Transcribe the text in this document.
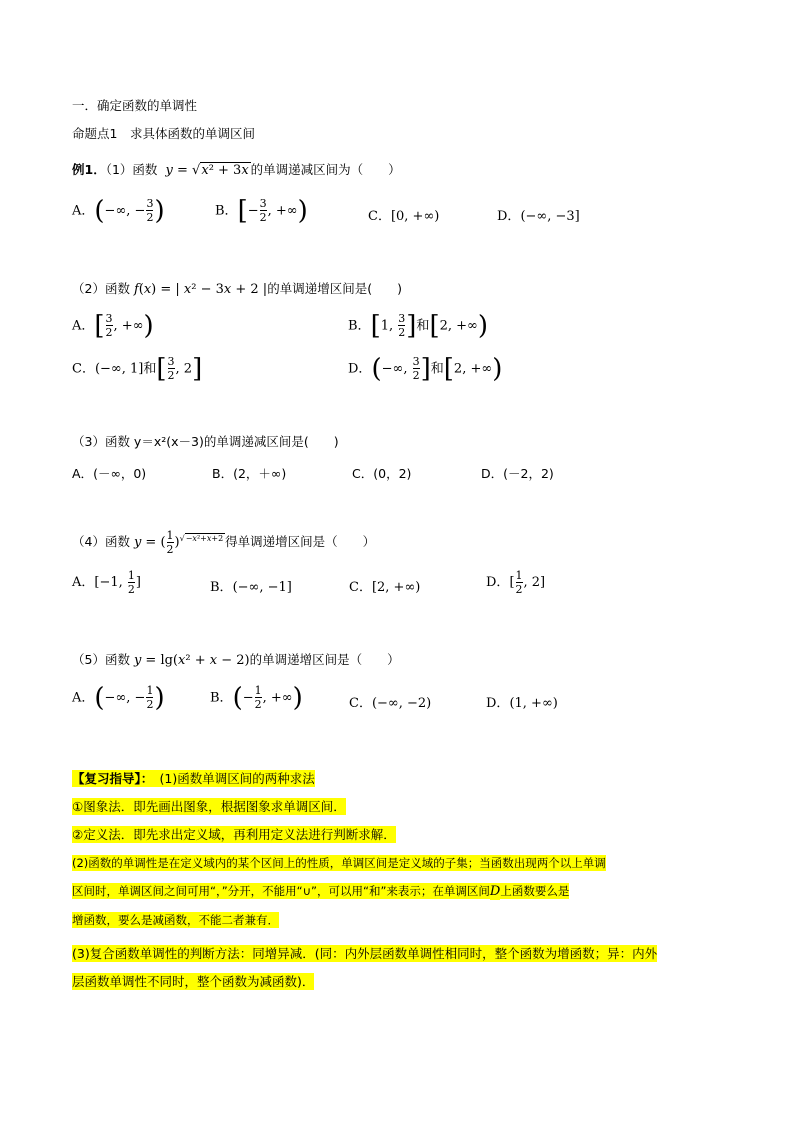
一．确定函数的单调性
命题点1　求具体函数的单调区间
例1．（1）函数 y = √x² + 3x 的单调递减区间为（　　）
A．(−∞, − $\frac{3}{2}$ )	B．[− $\frac{3}{2}$ , +∞)	C．[0, +∞)	D．(−∞, −3]
（2）函数 f(x) = | x² − 3x + 2 |的单调递增区间是(　　)
A．[ $\frac{3}{2}$ , +∞)	B．[1, $\frac{3}{2}$ ]和[2, +∞)
C．(−∞, 1]和[ $\frac{3}{2}$ , 2]	D．(−∞, $\frac{3}{2}$ ]和[2, +∞)
（3）函数 y＝x²(x－3)的单调递减区间是(　　)
A．(－∞，0)	B．(2，＋∞)	C．(0，2)	D．(－2，2)
（4）函数 y = ( $\frac{1}{2} )^{√-x^2+x+2}$ 得单调递增区间是（　　）
A．[−1, $\frac{1}{2}$ ]	B．(−∞, −1]	C．[2, +∞)	D．[ $\frac{1}{2}$ , 2]
（5）函数 y = lg(x² + x − 2)的单调递增区间是（　　）
A．(−∞, − $\frac{1}{2}$ )	B．(− $\frac{1}{2}$ , +∞)	C．(−∞, −2)	D．(1, +∞)
【复习指导】：　(1)函数单调区间的两种求法
①图象法．即先画出图象，根据图象求单调区间．
②定义法．即先求出定义域，再利用定义法进行判断求解．
(2)函数的单调性是在定义域内的某个区间上的性质，单调区间是定义域的子集；当函数出现两个以上单调
区间时，单调区间之间可用“，”分开，不能用“∪”，可以用“和”来表示；在单调区间D上函数要么是
增函数，要么是减函数，不能二者兼有．
(3)复合函数单调性的判断方法：同增异减．(同：内外层函数单调性相同时，整个函数为增函数；异：内外
层函数单调性不同时，整个函数为减函数)．
